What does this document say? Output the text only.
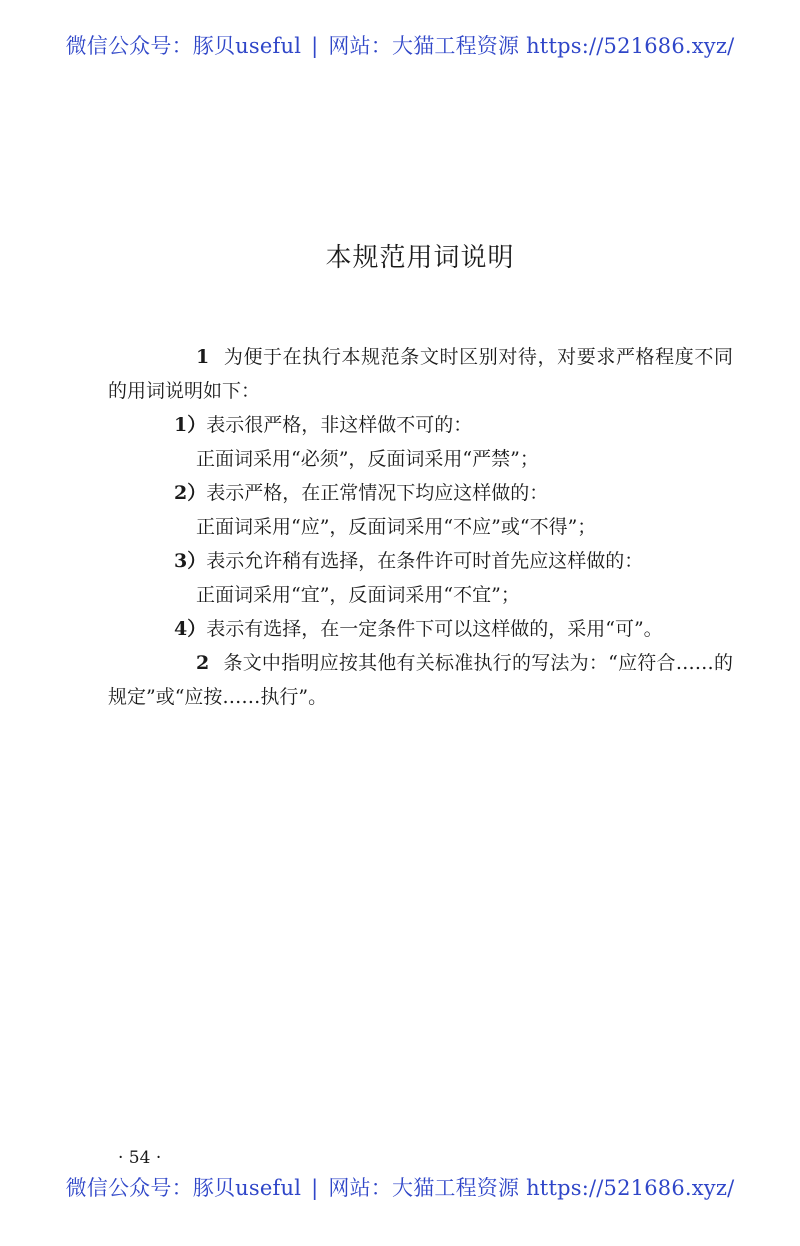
微信公众号：豚贝useful | 网站：大猫工程资源 https://521686.xyz/
本规范用词说明

1 为便于在执行本规范条文时区别对待，对要求严格程度不同的用词说明如下：

1）表示很严格，非这样做不可的：

正面词采用“必须”，反面词采用“严禁”；

2）表示严格，在正常情况下均应这样做的：

正面词采用“应”，反面词采用“不应”或“不得”；

3）表示允许稍有选择，在条件许可时首先应这样做的：

正面词采用“宜”，反面词采用“不宜”；

4）表示有选择，在一定条件下可以这样做的，采用“可”。

2 条文中指明应按其他有关标准执行的写法为：“应符合……的规定”或“应按……执行”。

· 54 ·
微信公众号：豚贝useful | 网站：大猫工程资源 https://521686.xyz/
